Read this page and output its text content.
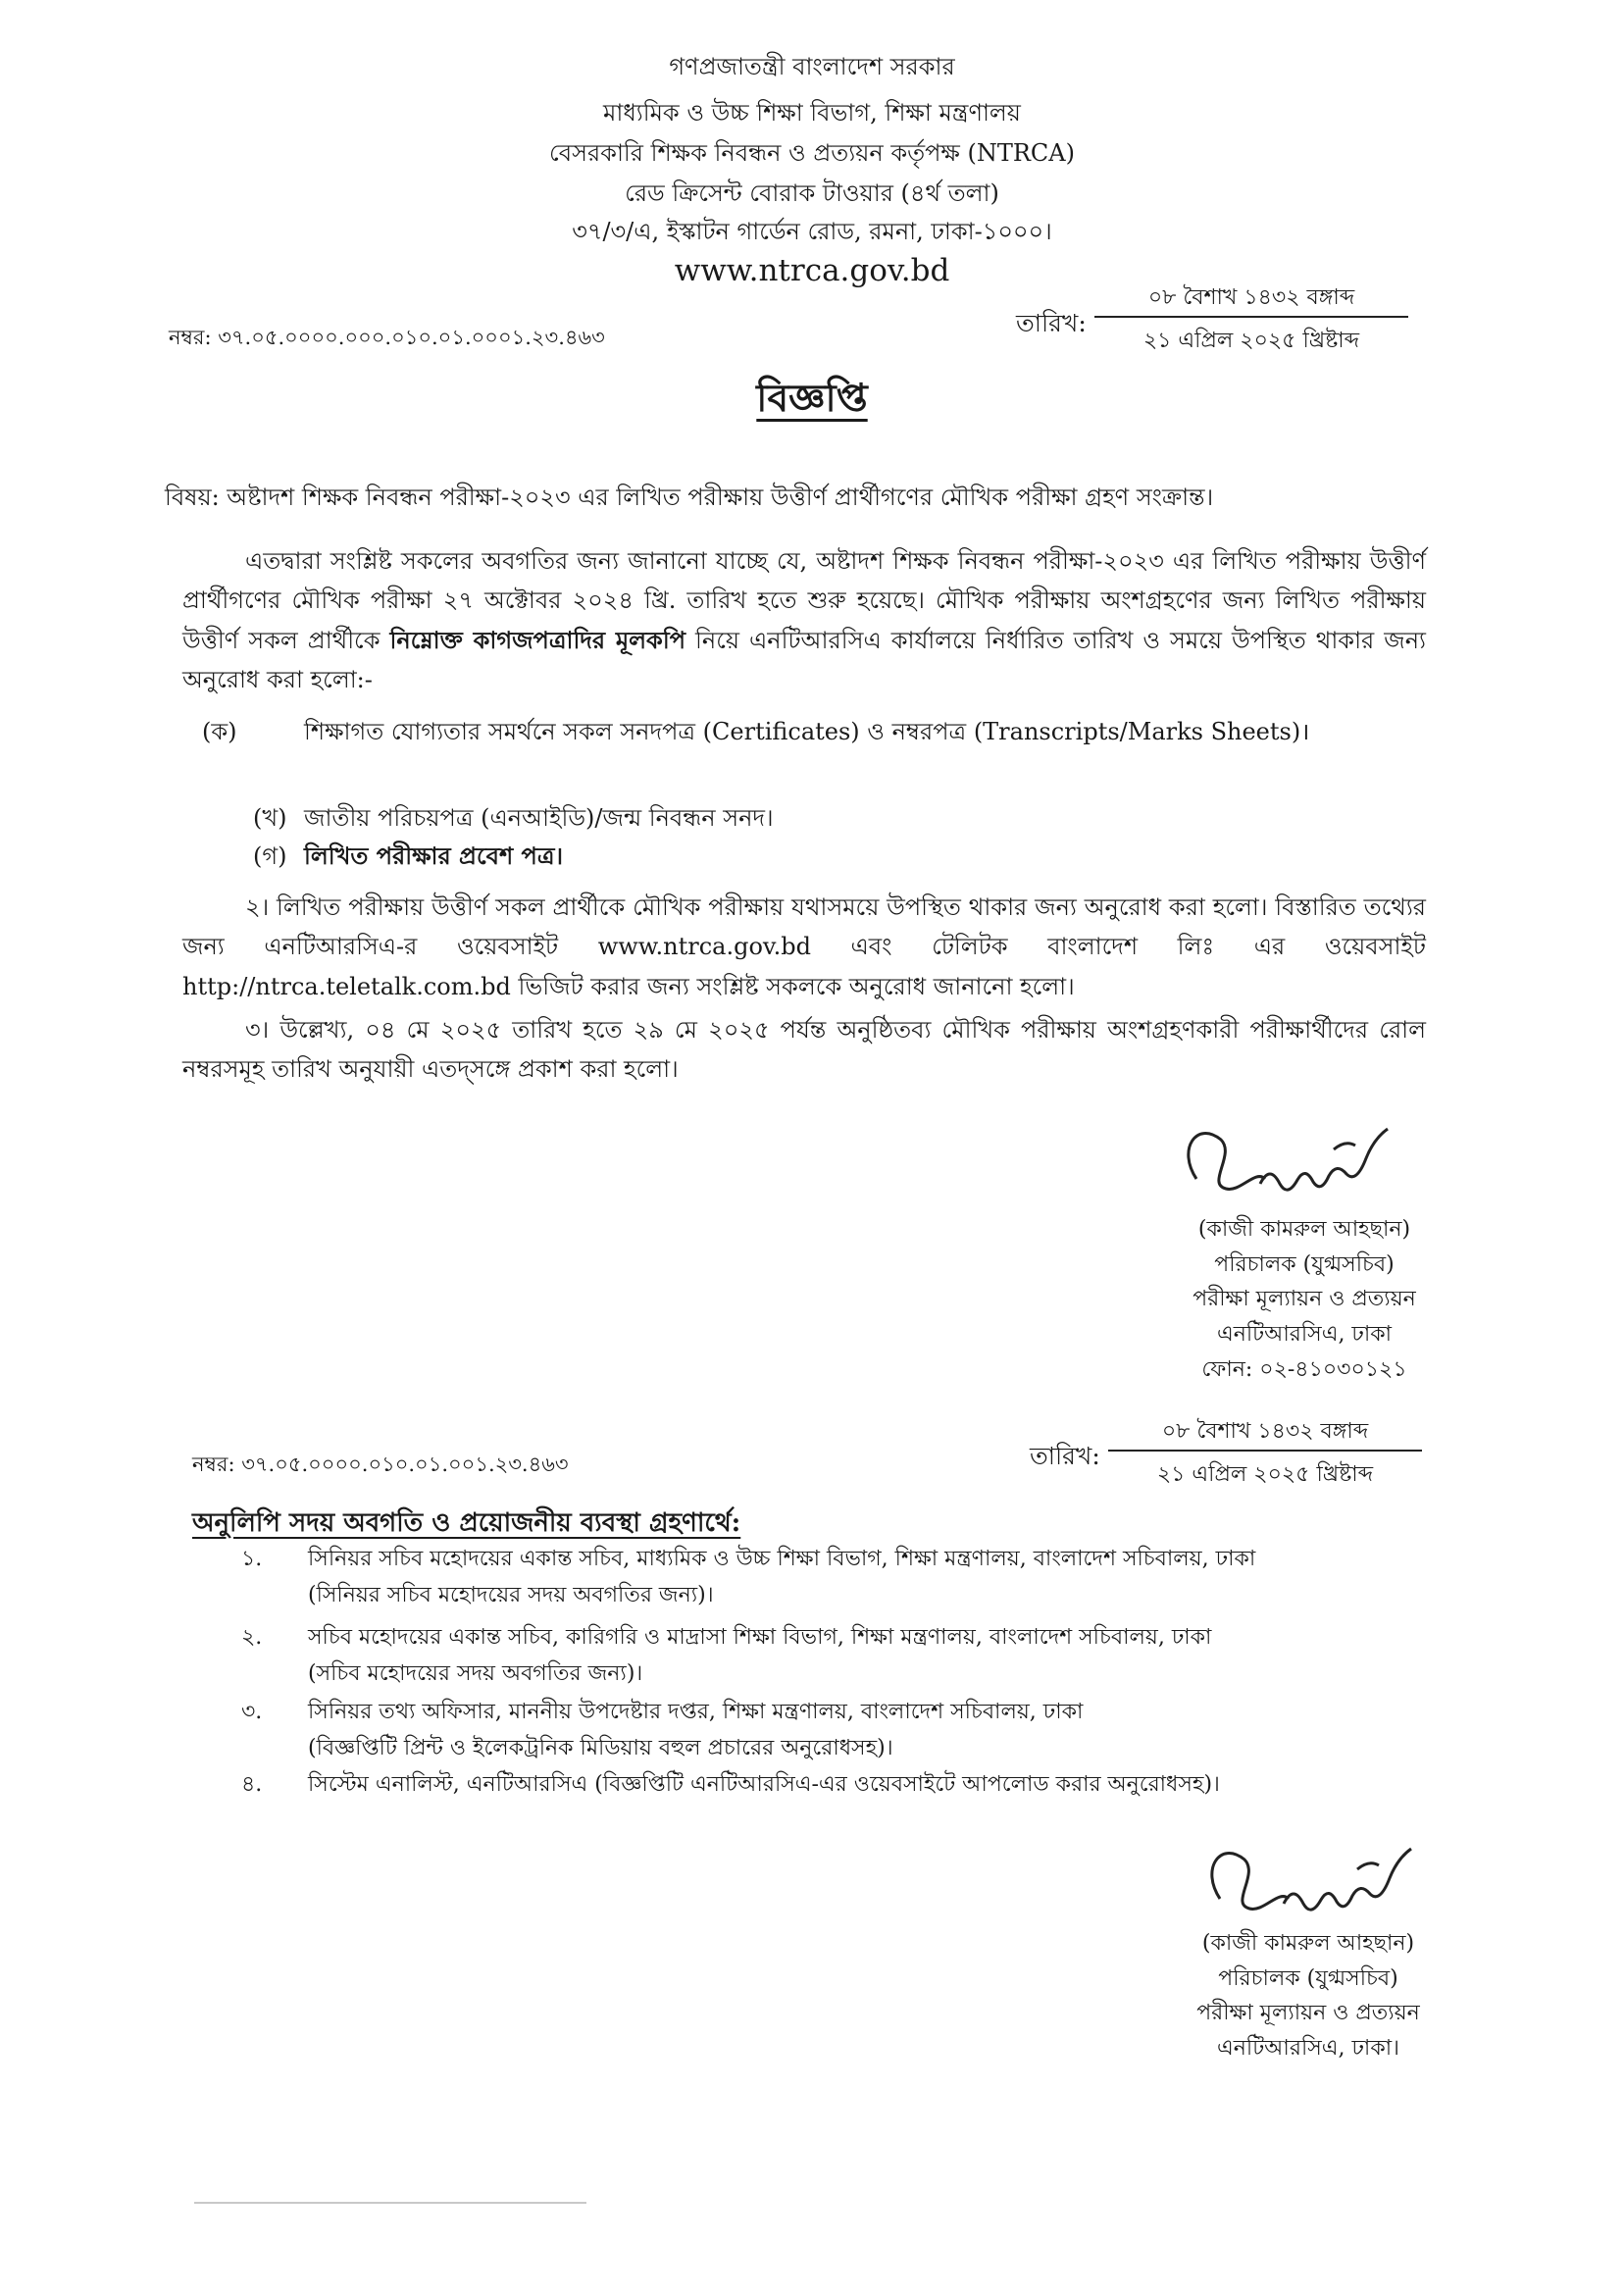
গণপ্রজাতন্ত্রী বাংলাদেশ সরকার
মাধ্যমিক ও উচ্চ শিক্ষা বিভাগ, শিক্ষা মন্ত্রণালয়
বেসরকারি শিক্ষক নিবন্ধন ও প্রত্যয়ন কর্তৃপক্ষ (NTRCA)
রেড ক্রিসেন্ট বোরাক টাওয়ার (৪র্থ তলা)
৩৭/৩/এ, ইস্কাটন গার্ডেন রোড, রমনা, ঢাকা-১০০০।
www.ntrca.gov.bd
নম্বর: ৩৭.০৫.০০০০.০০০.০১০.০১.০০০১.২৩.৪৬৩	তারিখ:
০৮ বৈশাখ ১৪৩২ বঙ্গাব্দ
২১ এপ্রিল ২০২৫ খ্রিষ্টাব্দ
বিজ্ঞপ্তি
বিষয়: অষ্টাদশ শিক্ষক নিবন্ধন পরীক্ষা-২০২৩ এর লিখিত পরীক্ষায় উত্তীর্ণ প্রার্থীগণের মৌখিক পরীক্ষা গ্রহণ সংক্রান্ত।
এতদ্বারা সংশ্লিষ্ট সকলের অবগতির জন্য জানানো যাচ্ছে যে, অষ্টাদশ শিক্ষক নিবন্ধন পরীক্ষা-২০২৩ এর লিখিত পরীক্ষায় উত্তীর্ণ প্রার্থীগণের মৌখিক পরীক্ষা ২৭ অক্টোবর ২০২৪ খ্রি. তারিখ হতে শুরু হয়েছে। মৌখিক পরীক্ষায় অংশগ্রহণের জন্য লিখিত পরীক্ষায় উত্তীর্ণ সকল প্রার্থীকে নিম্নোক্ত কাগজপত্রাদির মূলকপি নিয়ে এনটিআরসিএ কার্যালয়ে নির্ধারিত তারিখ ও সময়ে উপস্থিত থাকার জন্য অনুরোধ করা হলো:-
(ক)	শিক্ষাগত যোগ্যতার সমর্থনে সকল সনদপত্র (Certificates) ও নম্বরপত্র (Transcripts/Marks Sheets)।
(খ) জাতীয় পরিচয়পত্র (এনআইডি)/জন্ম নিবন্ধন সনদ।
(গ) লিখিত পরীক্ষার প্রবেশ পত্র।
২। লিখিত পরীক্ষায় উত্তীর্ণ সকল প্রার্থীকে মৌখিক পরীক্ষায় যথাসময়ে উপস্থিত থাকার জন্য অনুরোধ করা হলো। বিস্তারিত তথ্যের জন্য এনটিআরসিএ-র ওয়েবসাইট www.ntrca.gov.bd এবং টেলিটক বাংলাদেশ লিঃ এর ওয়েবসাইট http://ntrca.teletalk.com.bd ভিজিট করার জন্য সংশ্লিষ্ট সকলকে অনুরোধ জানানো হলো।
৩। উল্লেখ্য, ০৪ মে ২০২৫ তারিখ হতে ২৯ মে ২০২৫ পর্যন্ত অনুষ্ঠিতব্য মৌখিক পরীক্ষায় অংশগ্রহণকারী পরীক্ষার্থীদের রোল নম্বরসমূহ তারিখ অনুযায়ী এতদ্‌সঙ্গে প্রকাশ করা হলো।
(কাজী কামরুল আহছান)
পরিচালক (যুগ্মসচিব)
পরীক্ষা মূল্যায়ন ও প্রত্যয়ন
এনটিআরসিএ, ঢাকা
ফোন: ০২-৪১০৩০১২১
নম্বর: ৩৭.০৫.০০০০.০১০.০১.০০১.২৩.৪৬৩	তারিখ:
০৮ বৈশাখ ১৪৩২ বঙ্গাব্দ
২১ এপ্রিল ২০২৫ খ্রিষ্টাব্দ
অনুলিপি সদয় অবগতি ও প্রয়োজনীয় ব্যবস্থা গ্রহণার্থে:
১.	সিনিয়র সচিব মহোদয়ের একান্ত সচিব, মাধ্যমিক ও উচ্চ শিক্ষা বিভাগ, শিক্ষা মন্ত্রণালয়, বাংলাদেশ সচিবালয়, ঢাকা
(সিনিয়র সচিব মহোদয়ের সদয় অবগতির জন্য)।
২.	সচিব মহোদয়ের একান্ত সচিব, কারিগরি ও মাদ্রাসা শিক্ষা বিভাগ, শিক্ষা মন্ত্রণালয়, বাংলাদেশ সচিবালয়, ঢাকা
(সচিব মহোদয়ের সদয় অবগতির জন্য)।
৩.	সিনিয়র তথ্য অফিসার, মাননীয় উপদেষ্টার দপ্তর, শিক্ষা মন্ত্রণালয়, বাংলাদেশ সচিবালয়, ঢাকা
(বিজ্ঞপ্তিটি প্রিন্ট ও ইলেকট্রনিক মিডিয়ায় বহুল প্রচারের অনুরোধসহ)।
৪.	সিস্টেম এনালিস্ট, এনটিআরসিএ (বিজ্ঞপ্তিটি এনটিআরসিএ-এর ওয়েবসাইটে আপলোড করার অনুরোধসহ)।
(কাজী কামরুল আহছান)
পরিচালক (যুগ্মসচিব)
পরীক্ষা মূল্যায়ন ও প্রত্যয়ন
এনটিআরসিএ, ঢাকা।
